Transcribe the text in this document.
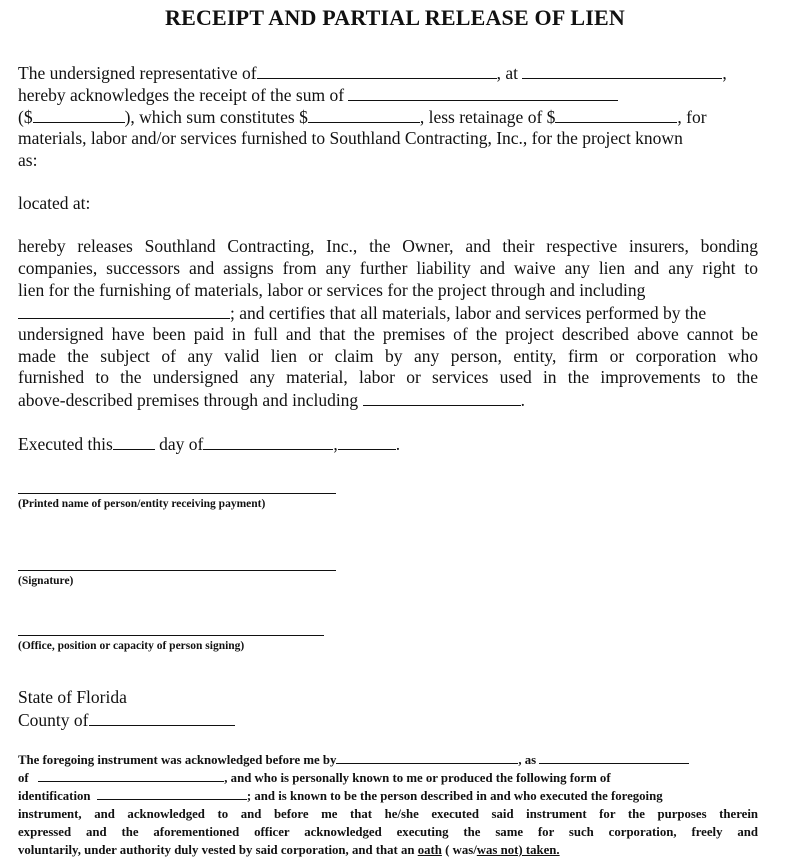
RECEIPT AND PARTIAL RELEASE OF LIEN
The undersigned representative of	, at	,
hereby acknowledges the receipt of the sum of
($	), which sum constitutes $	, less retainage of $	, for
materials, labor and/or services furnished to Southland Contracting, Inc., for the project known
as:
located at:
hereby releases Southland Contracting, Inc., the Owner, and their respective insurers, bonding
companies, successors and assigns from any further liability and waive any lien and any right to
lien for the furnishing of materials, labor or services for the project through and including
; and certifies that all materials, labor and services performed by the
undersigned have been paid in full and that the premises of the project described above cannot be
made the subject of any valid lien or claim by any person, entity, firm or corporation who
furnished to the undersigned any material, labor or services used in the improvements to the
above-described premises through and including	.
Executed this	day of	,	.
(Printed name of person/entity receiving payment)
(Signature)
(Office, position or capacity of person signing)
State of Florida
County of
The foregoing instrument was acknowledged before me by	, as
of	, and who is personally known to me or produced the following form of
identification	; and is known to be the person described in and who executed the foregoing
instrument, and acknowledged to and before me that he/she executed said instrument for the purposes therein
expressed and the aforementioned officer acknowledged executing the same for such corporation, freely and
voluntarily, under authority duly vested by said corporation, and that an oath ( was/was not) taken.
